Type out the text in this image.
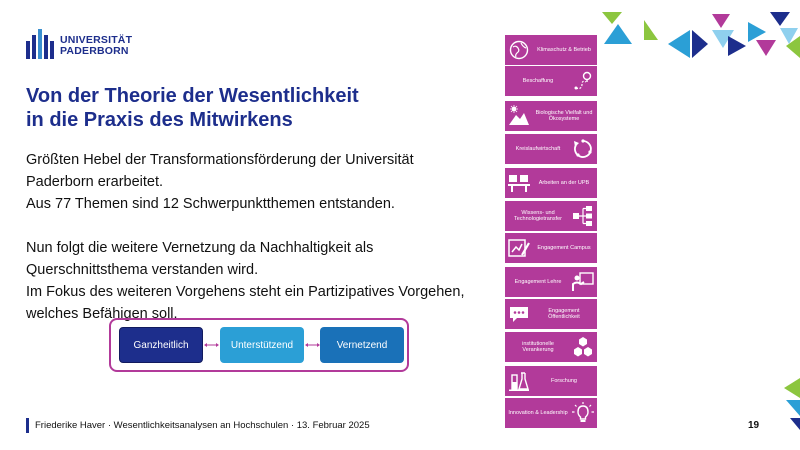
UNIVERSITÄT
PADERBORN
Von der Theorie der Wesentlichkeit
in die Praxis des Mitwirkens

Größten Hebel der Transformationsförderung der Universität

Paderborn erarbeitet.

Aus 77 Themen sind 12 Schwerpunktthemen entstanden.

Nun folgt die weitere Vernetzung da Nachhaltigkeit als

Querschnittsthema verstanden wird.

Im Fokus des weiteren Vorgehens steht ein Partizipatives Vorgehen,

welches Befähigen soll.

Ganzheitlich	Unterstützend	Vernetzend
Klimaschutz & Betrieb
Beschaffung
Biologische Vielfalt und Ökosysteme
Kreislaufwirtschaft
Arbeiten an der UPB
Wissens- und Technologietransfer
Engagement Campus
Engagement Lehre
Engagement Öffentlichkeit
institutionelle Verankerung
Forschung
Innovation & Leadership
Friederike Haver · Wesentlichkeitsanalysen an Hochschulen · 13. Februar 2025	19
